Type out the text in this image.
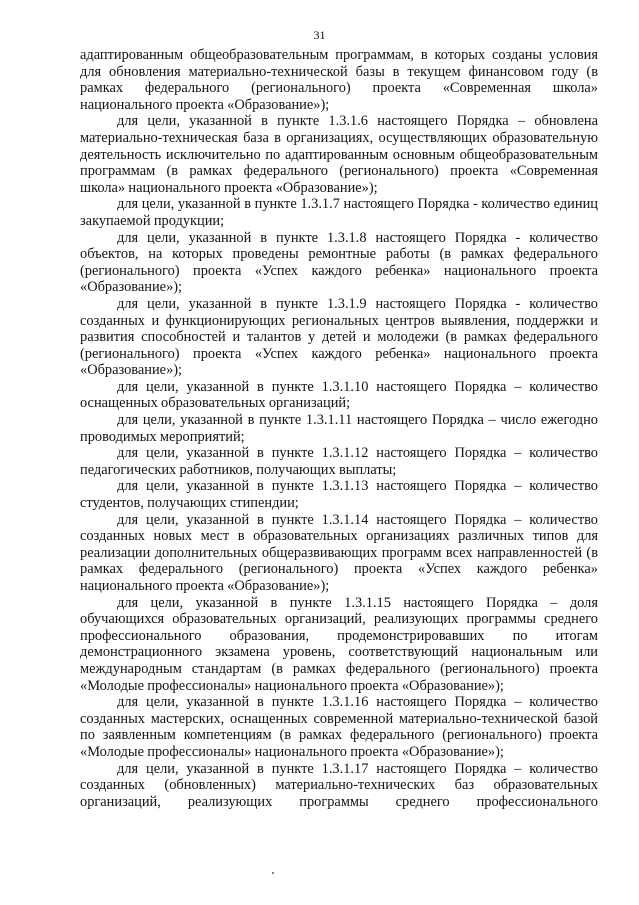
31

адаптированным общеобразовательным программам, в которых созданы условия для обновления материально-технической базы в текущем финансовом году (в рамках федерального (регионального) проекта «Современная школа» национального проекта «Образование»);

для цели, указанной в пункте 1.3.1.6 настоящего Порядка – обновлена материально-техническая база в организациях, осуществляющих образовательную деятельность исключительно по адаптированным основным общеобразовательным программам (в рамках федерального (регионального) проекта «Современная школа» национального проекта «Образование»);

для цели, указанной в пункте 1.3.1.7 настоящего Порядка - количество единиц закупаемой продукции;

для цели, указанной в пункте 1.3.1.8 настоящего Порядка - количество объектов, на которых проведены ремонтные работы (в рамках федерального (регионального) проекта «Успех каждого ребенка» национального проекта «Образование»);

для цели, указанной в пункте 1.3.1.9 настоящего Порядка - количество созданных и функционирующих региональных центров выявления, поддержки и развития способностей и талантов у детей и молодежи (в рамках федерального (регионального) проекта «Успех каждого ребенка» национального проекта «Образование»);

для цели, указанной в пункте 1.3.1.10 настоящего Порядка – количество оснащенных образовательных организаций;

для цели, указанной в пункте 1.3.1.11 настоящего Порядка – число ежегодно проводимых мероприятий;

для цели, указанной в пункте 1.3.1.12 настоящего Порядка – количество педагогических работников, получающих выплаты;

для цели, указанной в пункте 1.3.1.13 настоящего Порядка – количество студентов, получающих стипендии;

для цели, указанной в пункте 1.3.1.14 настоящего Порядка – количество созданных новых мест в образовательных организациях различных типов для реализации дополнительных общеразвивающих программ всех направленностей (в рамках федерального (регионального) проекта «Успех каждого ребенка» национального проекта «Образование»);

для цели, указанной в пункте 1.3.1.15 настоящего Порядка – доля обучающихся образовательных организаций, реализующих программы среднего профессионального образования, продемонстрировавших по итогам демонстрационного экзамена уровень, соответствующий национальным или международным стандартам (в рамках федерального (регионального) проекта «Молодые профессионалы» национального проекта «Образование»);

для цели, указанной в пункте 1.3.1.16 настоящего Порядка – количество созданных мастерских, оснащенных современной материально-технической базой по заявленным компетенциям (в рамках федерального (регионального) проекта «Молодые профессионалы» национального проекта «Образование»);

для цели, указанной в пункте 1.3.1.17 настоящего Порядка – количество созданных (обновленных) материально-технических баз образовательных организаций, реализующих программы среднего профессионального
